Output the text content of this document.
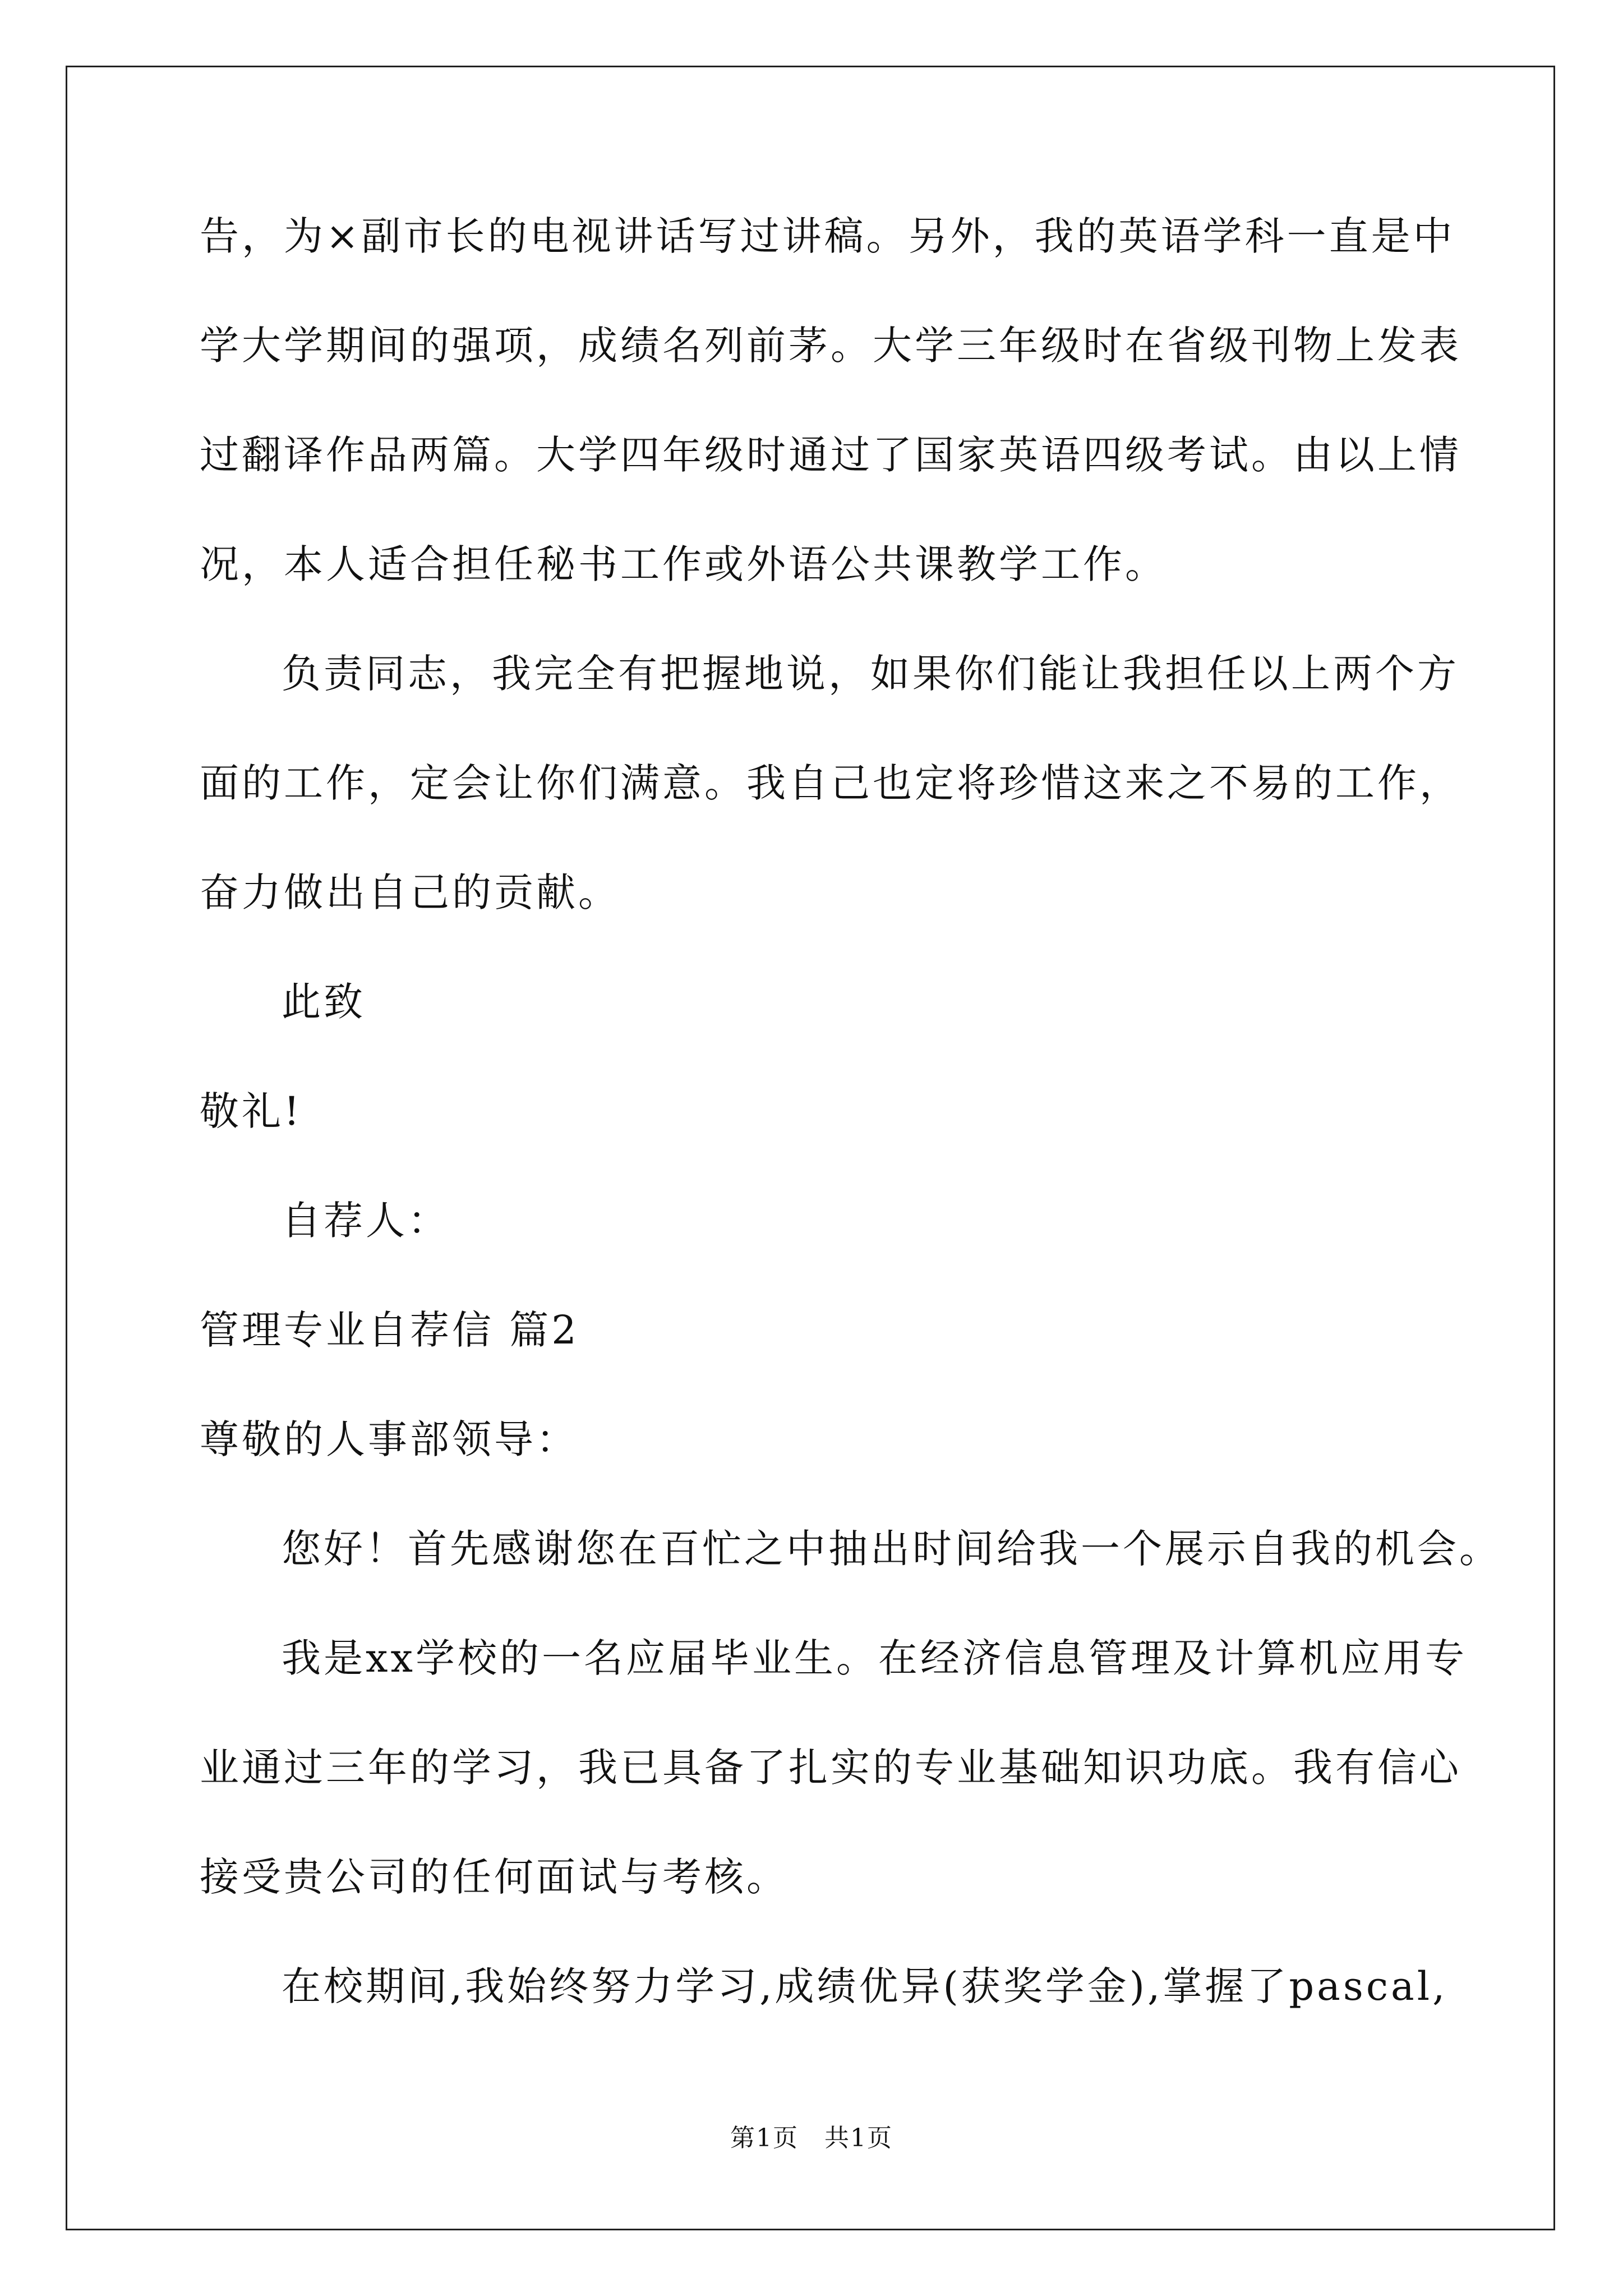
告，为×副市长的电视讲话写过讲稿。另外，我的英语学科一直是中
学大学期间的强项，成绩名列前茅。大学三年级时在省级刊物上发表
过翻译作品两篇。大学四年级时通过了国家英语四级考试。由以上情
况，本人适合担任秘书工作或外语公共课教学工作。
负责同志，我完全有把握地说，如果你们能让我担任以上两个方
面的工作，定会让你们满意。我自己也定将珍惜这来之不易的工作，
奋力做出自己的贡献。
此致
敬礼!
自荐人：
管理专业自荐信 篇2
尊敬的人事部领导：
您好！首先感谢您在百忙之中抽出时间给我一个展示自我的机会。
我是xx学校的一名应届毕业生。在经济信息管理及计算机应用专
业通过三年的学习，我已具备了扎实的专业基础知识功底。我有信心
接受贵公司的任何面试与考核。
在校期间,我始终努力学习,成绩优异(获奖学金),掌握了pascal,
第1页　共1页
